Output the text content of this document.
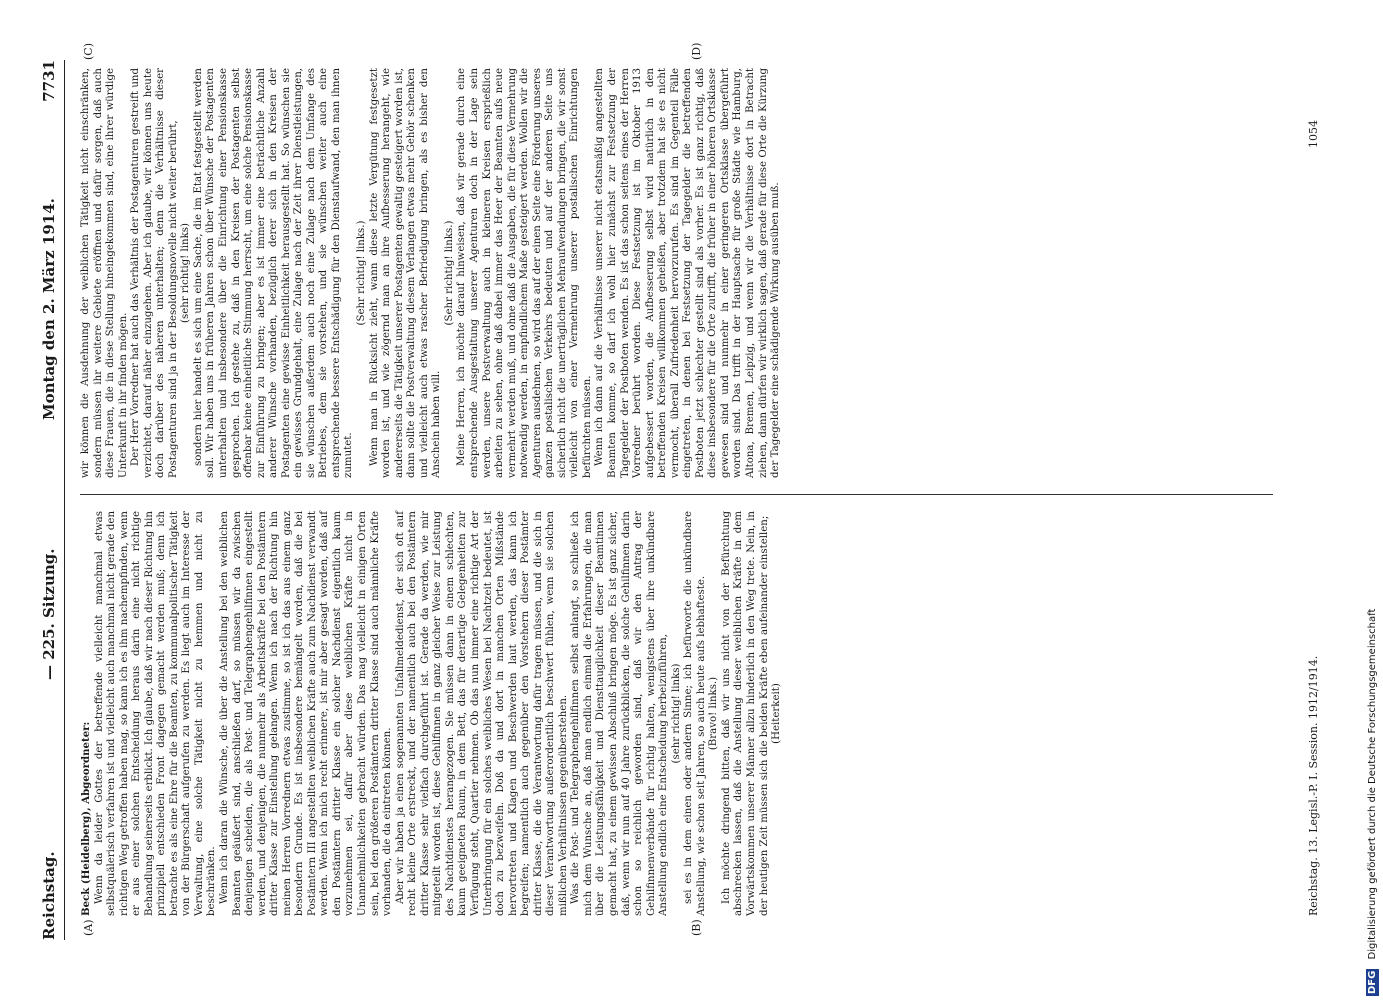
Reichstag.
— 225. Sitzung.
Montag den 2. März 1914.
7731
(A)	(B)
(C)	(D)

Beck (Heidelberg), Abgeordneter: Wenn da leider Gottes der betreffende vielleicht manchmal etwas selbstquälerisch verfahren ist und vielleicht auch manchmal nicht gerade den richtigen Weg getroffen haben mag, so kann ich es ihm nachempfinden, wenn er aus einer solchen Entscheidung heraus darin eine nicht richtige Behandlung seinerseits erblickt. Ich glaube, daß wir nach dieser Richtung hin prinzipiell entschieden Front dagegen gemacht werden muß; denn ich betrachte es als eine Ehre für die Beamten, zu kommunalpolitischer Tätigkeit von der Bürgerschaft aufgerufen zu werden. Es liegt auch im Interesse der Verwaltung, eine solche Tätigkeit nicht zu hemmen und nicht zu beschränken. Wenn ich daran die Wünsche, die über die Anstellung bei den weiblichen Beamten geäußert sind, anschließen darf, so müssen wir da zwischen denjenigen scheiden, die als Post- und Telegraphengehilfinnen eingestellt werden, und denjenigen, die nunmehr als Arbeitskräfte bei den Postämtern dritter Klasse zur Einstellung gelangen. Wenn ich nach der Richtung hin meinen Herren Vorrednern etwas zustimme, so ist ich das aus einem ganz besondern Grunde. Es ist insbesondere bemängelt worden, daß die bei Postämtern III angestellten weiblichen Kräfte auch zum Nachdienst verwandt werden. Wenn ich mich recht erinnere, ist mir aber gesagt worden, daß auf den Postämtern dritter Klasse ein solcher Nachdienst eigentlich kaum vorzunehmen sei, dafür aber diese weiblichen Kräfte nicht in Unannehmlichkeiten gebracht würden. Das mag vielleicht in einigen Orten sein, bei den größeren Postämtern dritter Klasse sind auch männliche Kräfte vorhanden, die da eintreten können. Aber wir haben ja einen sogenannten Unfallmeldedienst, der sich oft auf recht kleine Orte erstreckt, und der namentlich auch bei den Postämtern dritter Klasse sehr vielfach durchgeführt ist. Gerade da werden, wie mir mitgeteilt worden ist, diese Gehilfinnen in ganz gleicher Weise zur Leistung des Nachtdienstes herangezogen. Sie müssen dann in einem schlechten, kaum geeigneten Raum, in dem Bett, das für derartige Gelegenheiten zur Verfügung steht, Quartier nehmen. Ob das nun immer eine richtige Art der Unterbringung für ein solches weibliches Wesen bei Nachtzeit bedeutet, ist doch zu bezweifeln. Doß da und dort in manchen Orten Mißstände hervortreten und Klagen und Beschwerden laut werden, das kann ich begreifen; namentlich auch gegenüber den Vorstehern dieser Postämter dritter Klasse, die die Verantwortung dafür tragen müssen, und die sich in dieser Verantwortung außerordentlich beschwert fühlen, wenn sie solchen mißlichen Verhältnissen gegenüberstehen. Was die Post- und Telegraphengehilfinnen selbst anlangt, so schließe ich mich dem Wunsche an, daß man endlich einmal die Erfahrungen, die man über die Leistungsfähigkeit und Diensttauglichkeit dieser Beamtinnen gemacht hat, zu einem gewissen Abschluß bringen möge. Es ist ganz sicher, daß, wenn wir nun auf 40 Jahre zurückblicken, die solche Gehilfinnen darin schon so reichlich geworden sind, daß wir den Antrag der Gehilfinnenverbände für richtig halten, wenigstens über ihre unkündbare Anstellung endlich eine Entscheidung herbeizuführen, (sehr richtig! links) sei es in dem einen oder andern Sinne; ich befürworte die unkündbare Anstellung, wie schon seit Jahren, so auch heute aufs lebhafteste. (Bravo! links.) Ich möchte dringend bitten, daß wir uns nicht von der Befürchtung abschrecken lassen, daß die Anstellung dieser weiblichen Kräfte in dem Vorwärtskommen unserer Männer allzu hinderlich in den Weg trete. Nein, in der heutigen Zeit müssen sich die beiden Kräfte eben aufeinander einstellen; (Heiterkeit)

wir können die Ausdehnung der weiblichen Tätigkeit nicht einschränken, sondern müssen ihr weitere Gebiete eröffnen und dafür sorgen, daß auch diese Frauen, die in diese Stellung hineingekommen sind, eine ihrer würdige Unterkunft in ihr finden mögen. Der Herr Vorredner hat auch das Verhältnis der Postagenturen gestreift und verzichtet, darauf näher einzugehen. Aber ich glaube, wir können uns heute doch darüber des näheren unterhalten; denn die Verhältnisse dieser Postagenturen sind ja in der Besoldungsnovelle nicht weiter berührt, (sehr richtig! links) sondern hier handelt es sich um eine Sache, die im Etat festgestellt werden soll. Wir haben uns in früheren Jahren schon über Wünsche der Postagenten unterhalten und insbesondere über die Einrichtung einer Pensionskasse gesprochen. Ich gestehe zu, daß in den Kreisen der Postagenten selbst offenbar keine einheitliche Stimmung herrscht, um eine solche Pensionskasse zur Einführung zu bringen; aber es ist immer eine beträchtliche Anzahl anderer Wünsche vorhanden, bezüglich derer sich in den Kreisen der Postagenten eine gewisse Einheitlichkeit herausgestellt hat. So wünschen sie ein gewisses Grundgehalt, eine Zulage nach der Zeit ihrer Dienstleistungen, sie wünschen außerdem auch noch eine Zulage nach dem Umfange des Betriebes, dem sie vorstehen, und sie wünschen weiter auch eine entsprechende bessere Entschädigung für den Dienstaufwand, den man ihnen zumutet.

(Sehr richtig! links.) Wenn man in Rücksicht zieht, wann diese letzte Vergütung festgesetzt worden ist, und wie zögernd man an ihre Aufbesserung herangeht, wie andererseits die Tätigkeit unserer Postagenten gewaltig gesteigert worden ist, dann sollte die Postverwaltung diesem Verlangen etwas mehr Gehör schenken und vielleicht auch etwas rascher Befriedigung bringen, als es bisher den Anschein haben will.

(Sehr richtig! links.) Meine Herren, ich möchte darauf hinweisen, daß wir gerade durch eine entsprechende Ausgestaltung unserer Agenturen doch in der Lage sein werden, unsere Postverwaltung auch in kleineren Kreisen ersprießlich arbeiten zu sehen, ohne daß dabei immer das Heer der Beamten aufs neue vermehrt werden muß, und ohne daß die Ausgaben, die für diese Vermehrung notwendig werden, in empfindlichem Maße gesteigert werden. Wollen wir die Agenturen ausdehnen, so wird das auf der einen Seite eine Förderung unseres ganzen postalischen Verkehrs bedeuten und auf der anderen Seite uns sicherlich nicht die unerträglichen Mehraufwendungen bringen, die wir sonst vielleicht von einer Vermehrung unserer postalischen Einrichtungen befürchten müssen. Wenn ich dann auf die Verhältnisse unserer nicht etatsmäßig angestellten Beamten komme, so darf ich wohl hier zunächst zur Festsetzung der Tagegelder der Postboten wenden. Es ist das schon seitens eines der Herren Vorredner berührt worden. Diese Festsetzung ist im Oktober 1913 aufgebessert worden, die Aufbesserung selbst wird natürlich in den betreffenden Kreisen willkommen geheißen, aber trotzdem hat sie es nicht vermocht, überall Zufriedenheit hervorzurufen. Es sind im Gegenteil Fälle eingetreten, in denen bei Festsetzung der Tagegelder die betreffenden Postboten jetzt schlechter gestellt sind als vorher. Es ist ganz richtig, daß diese insbesondere für die Orte zutrifft, die früher in einer höheren Ortsklasse gewesen sind und nunmehr in einer geringeren Ortsklasse übergeführt worden sind. Das trifft in der Hauptsache für große Städte wie Hamburg, Altona, Bremen, Leipzig, und wenn wir die Verhältnisse dort in Betracht ziehen, dann dürfen wir wirklich sagen, daß gerade für diese Orte die Kürzung der Tagegelder eine schädigende Wirkung ausüben muß.

Reichstag. 13. Legisl.-P. I. Session. 1912/1914.
1054
DFG Digitalisierung gefördert durch die Deutsche Forschungsgemeinschaft
